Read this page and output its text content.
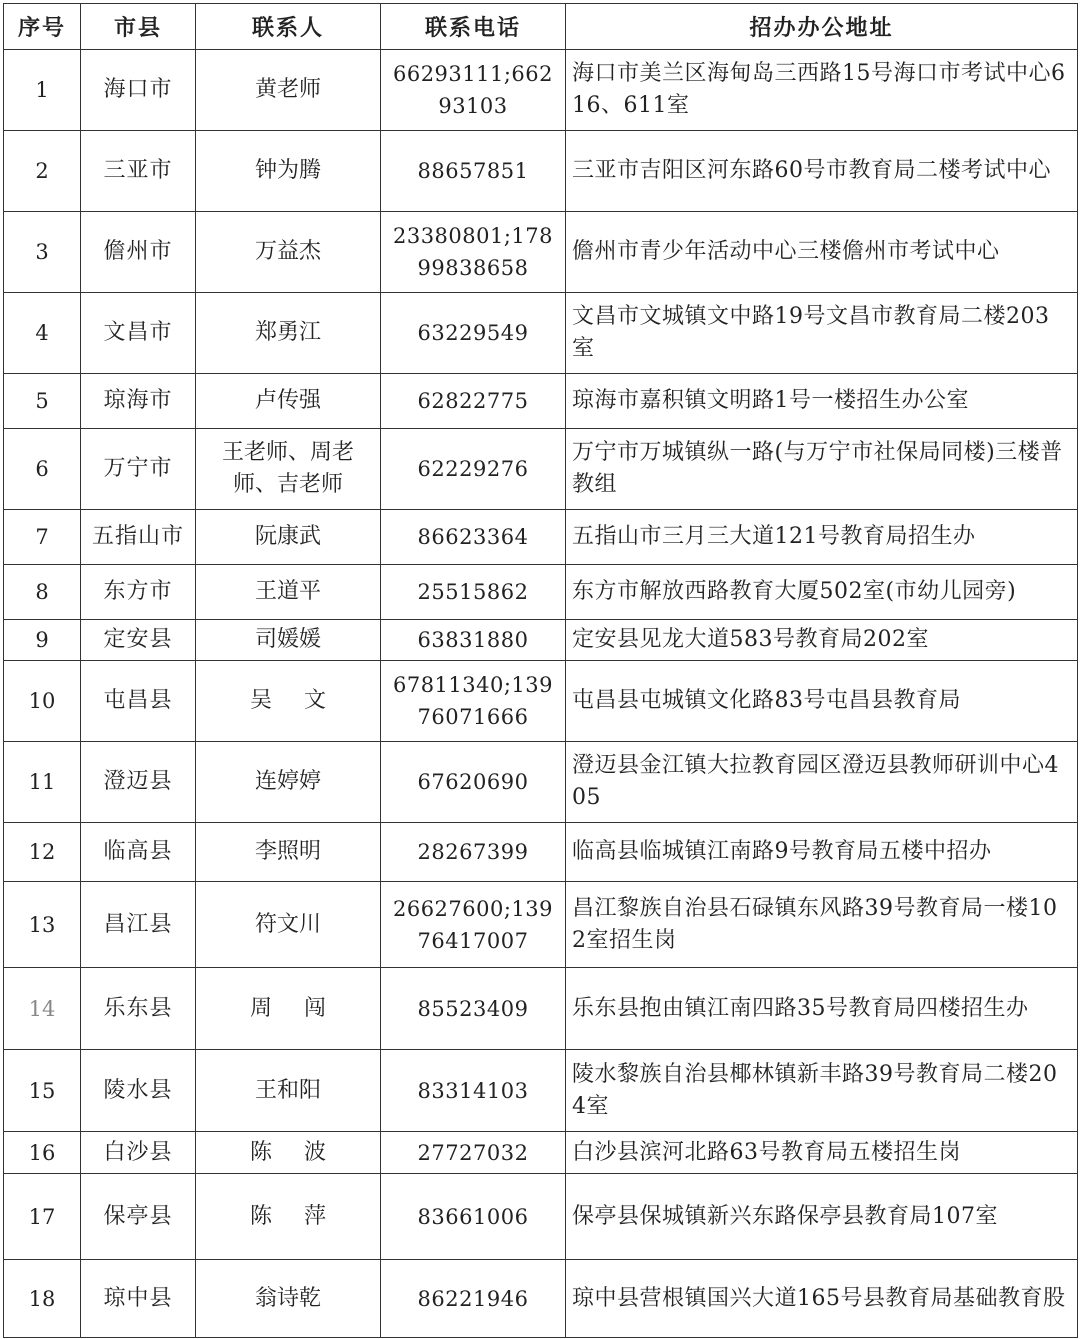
序号	市县	联系人	联系电话	招办办公地址
1	海口市	黄老师	66293111;66293103	海口市美兰区海甸岛三西路15号海口市考试中心616、611室
2	三亚市	钟为腾	88657851	三亚市吉阳区河东路60号市教育局二楼考试中心
3	儋州市	万益杰	23380801;17899838658	儋州市青少年活动中心三楼儋州市考试中心
4	文昌市	郑勇江	63229549	文昌市文城镇文中路19号文昌市教育局二楼203室
5	琼海市	卢传强	62822775	琼海市嘉积镇文明路1号一楼招生办公室
6	万宁市	王老师、周老师、吉老师	62229276	万宁市万城镇纵一路(与万宁市社保局同楼)三楼普教组
7	五指山市	阮康武	86623364	五指山市三月三大道121号教育局招生办
8	东方市	王道平	25515862	东方市解放西路教育大厦502室(市幼儿园旁)
9	定安县	司媛媛	63831880	定安县见龙大道583号教育局202室
10	屯昌县	吴文	67811340;13976071666	屯昌县屯城镇文化路83号屯昌县教育局
11	澄迈县	连婷婷	67620690	澄迈县金江镇大拉教育园区澄迈县教师研训中心405
12	临高县	李照明	28267399	临高县临城镇江南路9号教育局五楼中招办
13	昌江县	符文川	26627600;13976417007	昌江黎族自治县石碌镇东风路39号教育局一楼102室招生岗
14	乐东县	周闯	85523409	乐东县抱由镇江南四路35号教育局四楼招生办
15	陵水县	王和阳	83314103	陵水黎族自治县椰林镇新丰路39号教育局二楼204室
16	白沙县	陈波	27727032	白沙县滨河北路63号教育局五楼招生岗
17	保亭县	陈萍	83661006	保亭县保城镇新兴东路保亭县教育局107室
18	琼中县	翁诗乾	86221946	琼中县营根镇国兴大道165号县教育局基础教育股
